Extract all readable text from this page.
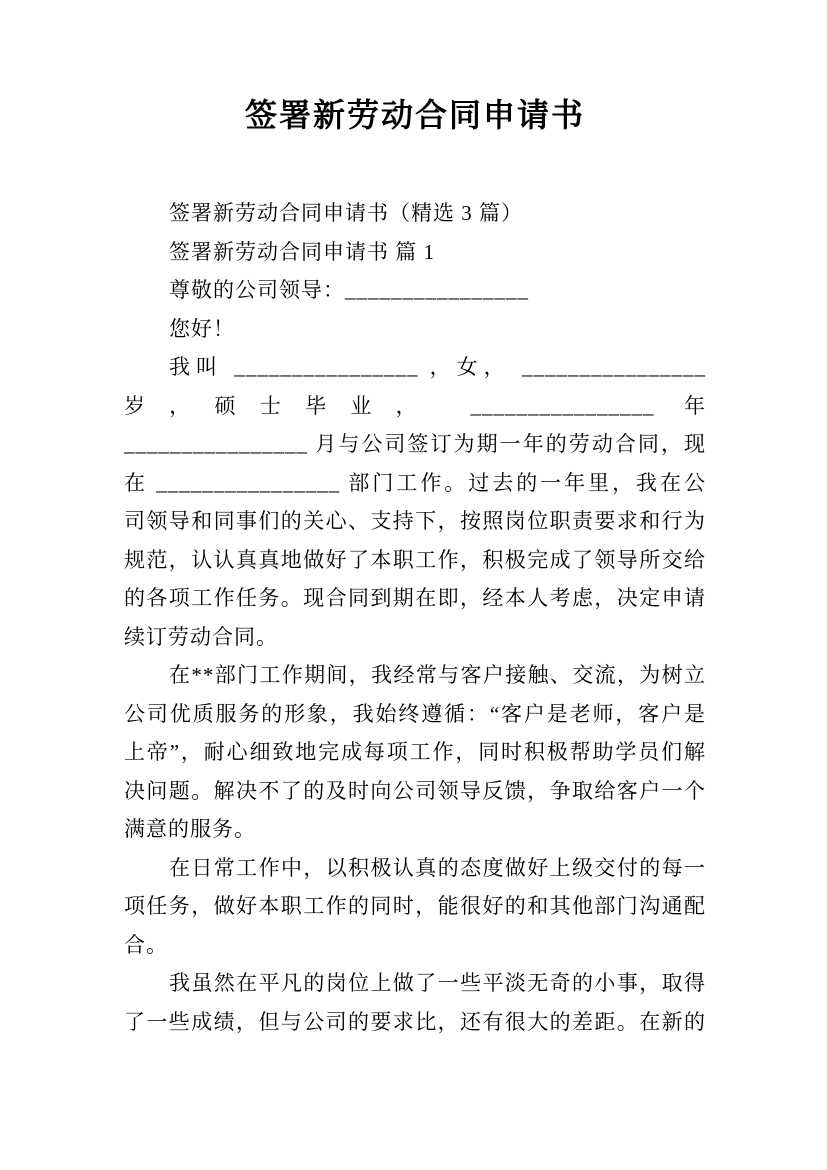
签署新劳动合同申请书
签署新劳动合同申请书（精选 3 篇）
签署新劳动合同申请书 篇 1
尊敬的公司领导：________________
您好！
我叫 ________________ ，女， ________________
岁，硕士毕业， ________________ 年
________________ 月与公司签订为期一年的劳动合同，现
在 ________________ 部门工作。过去的一年里，我在公
司领导和同事们的关心、支持下，按照岗位职责要求和行为
规范，认认真真地做好了本职工作，积极完成了领导所交给
的各项工作任务。现合同到期在即，经本人考虑，决定申请
续订劳动合同。
在**部门工作期间，我经常与客户接触、交流，为树立
公司优质服务的形象，我始终遵循：“客户是老师，客户是
上帝”，耐心细致地完成每项工作，同时积极帮助学员们解
决问题。解决不了的及时向公司领导反馈，争取给客户一个
满意的服务。
在日常工作中，以积极认真的态度做好上级交付的每一
项任务，做好本职工作的同时，能很好的和其他部门沟通配
合。
我虽然在平凡的岗位上做了一些平淡无奇的小事，取得
了一些成绩，但与公司的要求比，还有很大的差距。在新的
